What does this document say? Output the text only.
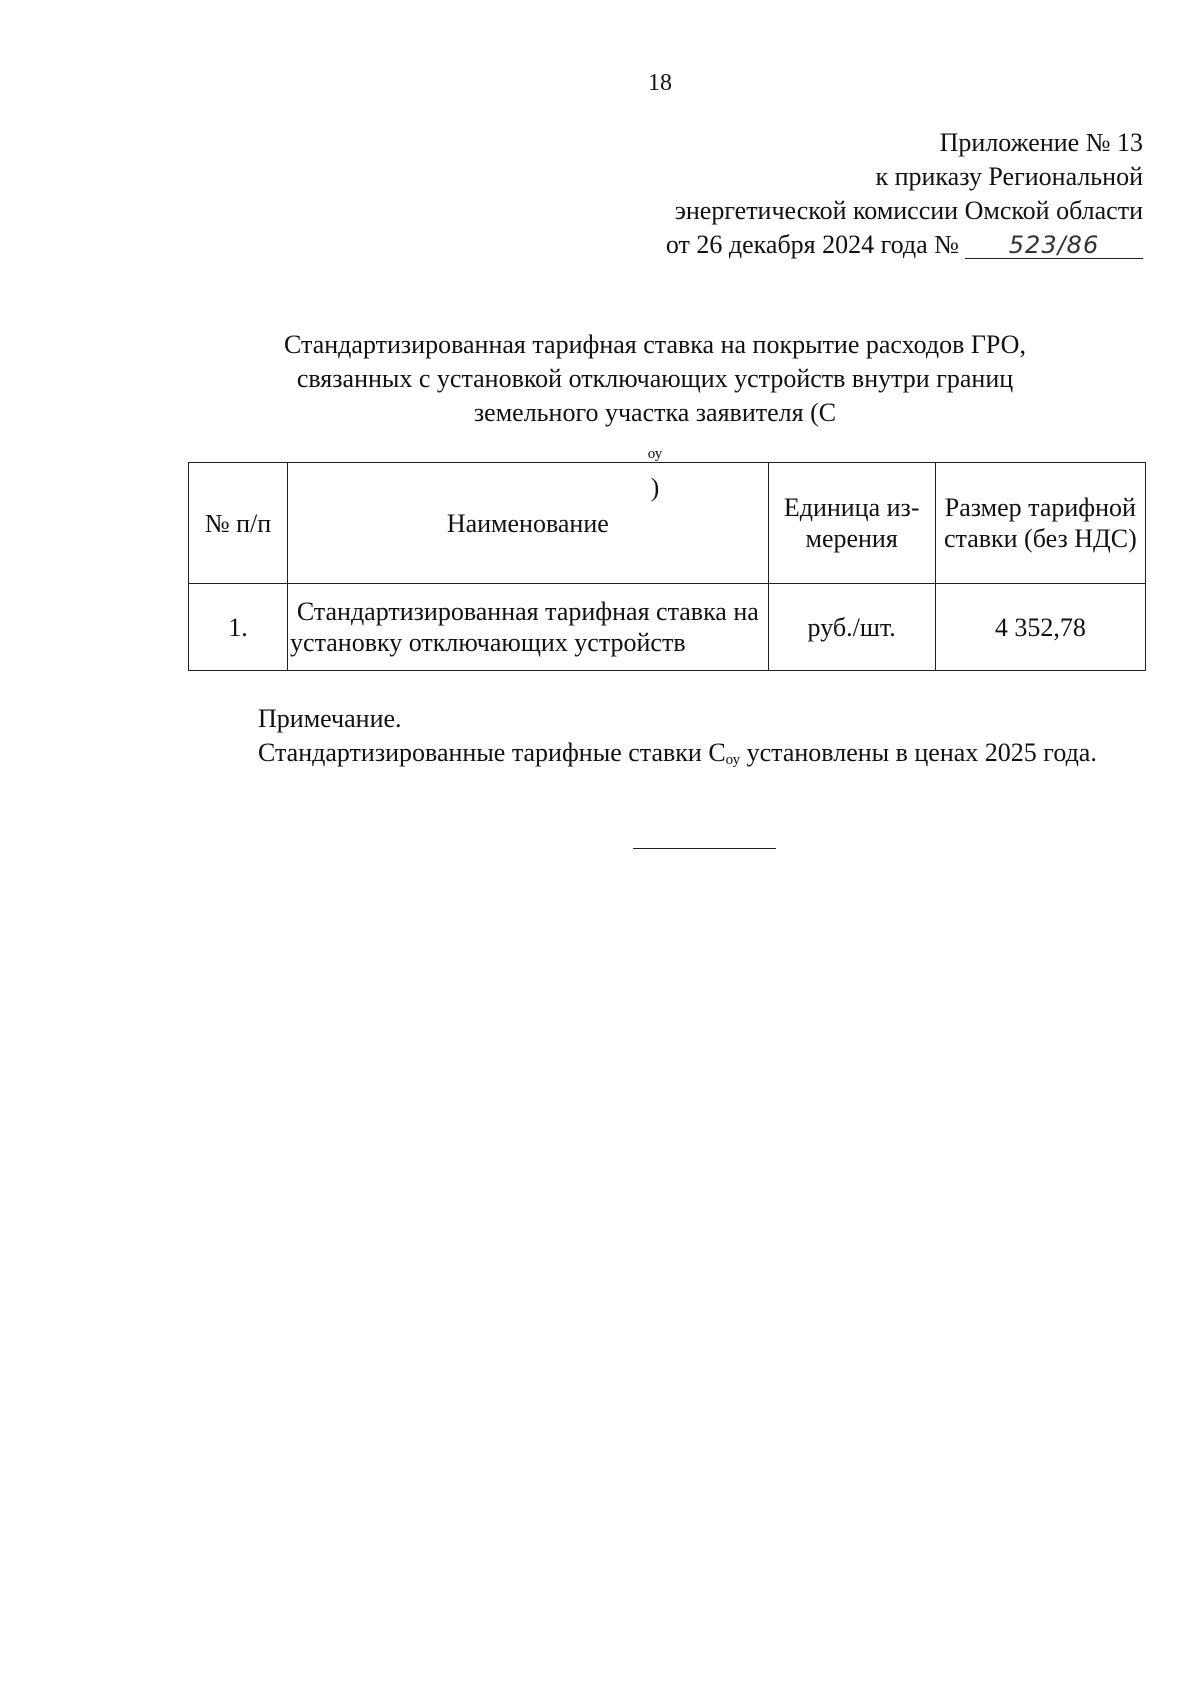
18
Приложение № 13
к приказу Региональной
энергетической комиссии Омской области
от 26 декабря 2024 года № 523/86
Стандартизированная тарифная ставка на покрытие расходов ГРО,
связанных с установкой отключающих устройств внутри границ
земельного участка заявителя (С
$_{оу}$
)
№ п/п	Наименование	Единица из-мерения	Размер тарифной ставки (без НДС)
1.	Стандартизированная тарифная ставка на установку отключающих устройств	руб./шт.	4 352,78
Примечание.
Стандартизированные тарифные ставки $С_{оу}$ установлены в ценах 2025 года.
